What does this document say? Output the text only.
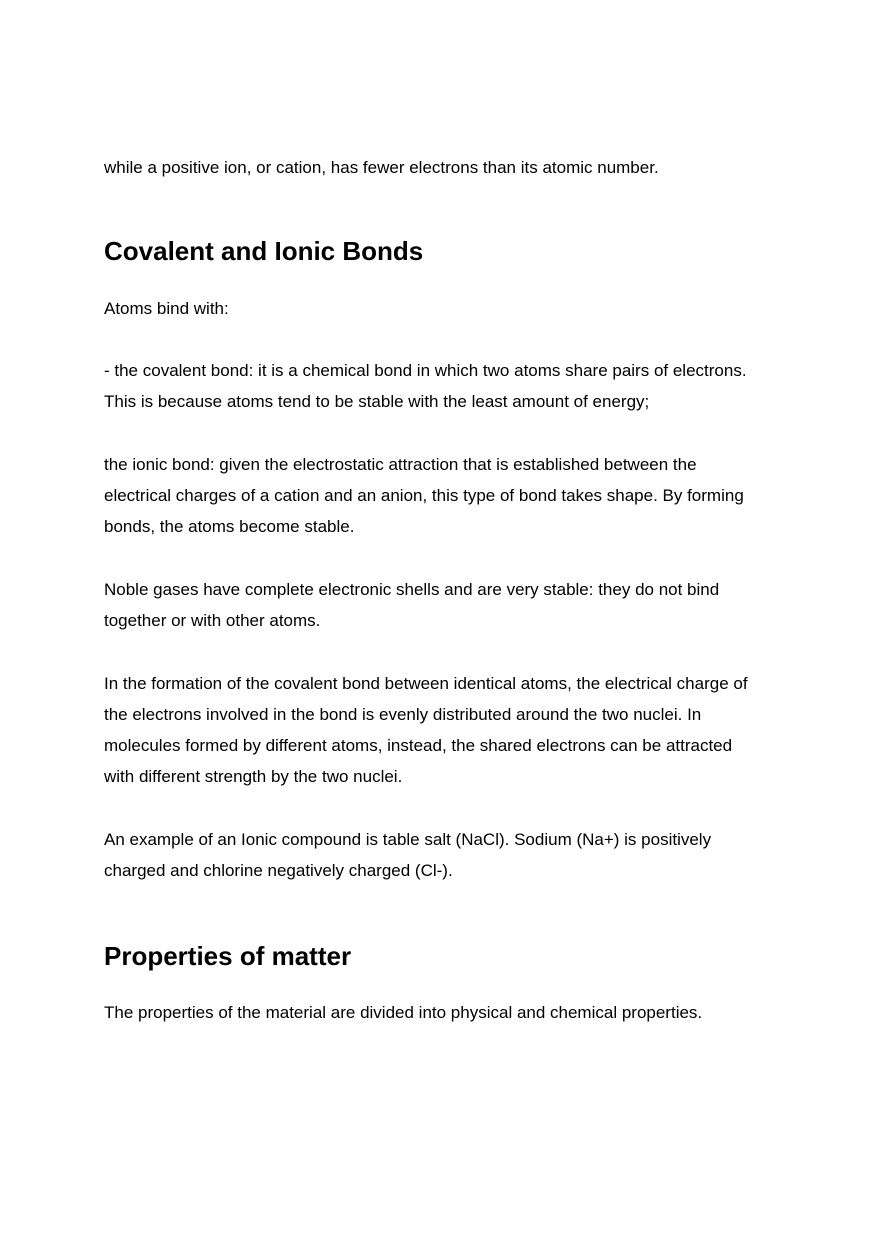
while a positive ion, or cation, has fewer electrons than its atomic number.

Covalent and Ionic Bonds

Atoms bind with:

- the covalent bond: it is a chemical bond in which two atoms share pairs of electrons.
This is because atoms tend to be stable with the least amount of energy;

the ionic bond: given the electrostatic attraction that is established between the
electrical charges of a cation and an anion, this type of bond takes shape. By forming
bonds, the atoms become stable.

Noble gases have complete electronic shells and are very stable: they do not bind
together or with other atoms.

In the formation of the covalent bond between identical atoms, the electrical charge of
the electrons involved in the bond is evenly distributed around the two nuclei. In
molecules formed by different atoms, instead, the shared electrons can be attracted
with different strength by the two nuclei.

An example of an Ionic compound is table salt (NaCl). Sodium (Na+) is positively
charged and chlorine negatively charged (Cl-).

Properties of matter

The properties of the material are divided into physical and chemical properties.
